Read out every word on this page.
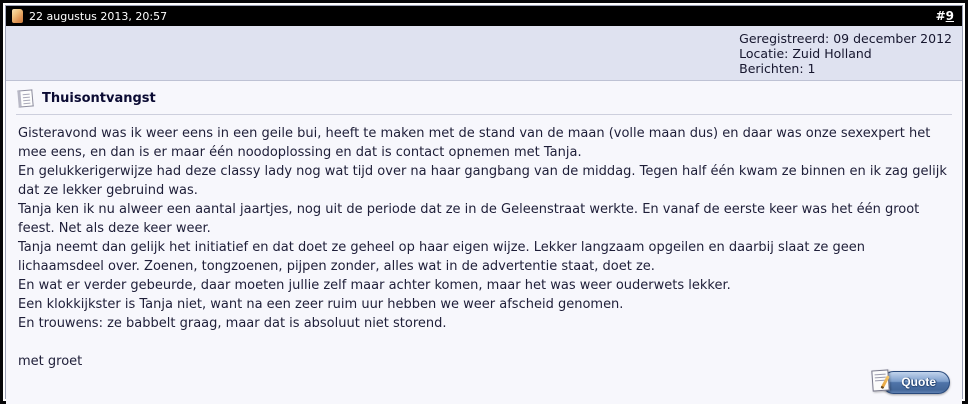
22 augustus 2013, 20:57	#9
Geregistreerd: 09 december 2012
Locatie: Zuid Holland
Berichten: 1
Thuisontvangst
Gisteravond was ik weer eens in een geile bui, heeft te maken met de stand van de maan (volle maan dus) en daar was onze sexexpert het mee eens, en dan is er maar één noodoplossing en dat is contact opnemen met Tanja.
En gelukkerigerwijze had deze classy lady nog wat tijd over na haar gangbang van de middag. Tegen half één kwam ze binnen en ik zag gelijk dat ze lekker gebruind was.
Tanja ken ik nu alweer een aantal jaartjes, nog uit de periode dat ze in de Geleenstraat werkte. En vanaf de eerste keer was het één groot feest. Net als deze keer weer.
Tanja neemt dan gelijk het initiatief en dat doet ze geheel op haar eigen wijze. Lekker langzaam opgeilen en daarbij slaat ze geen lichaamsdeel over. Zoenen, tongzoenen, pijpen zonder, alles wat in de advertentie staat, doet ze.
En wat er verder gebeurde, daar moeten jullie zelf maar achter komen, maar het was weer ouderwets lekker.
Een klokkijkster is Tanja niet, want na een zeer ruim uur hebben we weer afscheid genomen.
En trouwens: ze babbelt graag, maar dat is absoluut niet storend.
met groet
Quote
